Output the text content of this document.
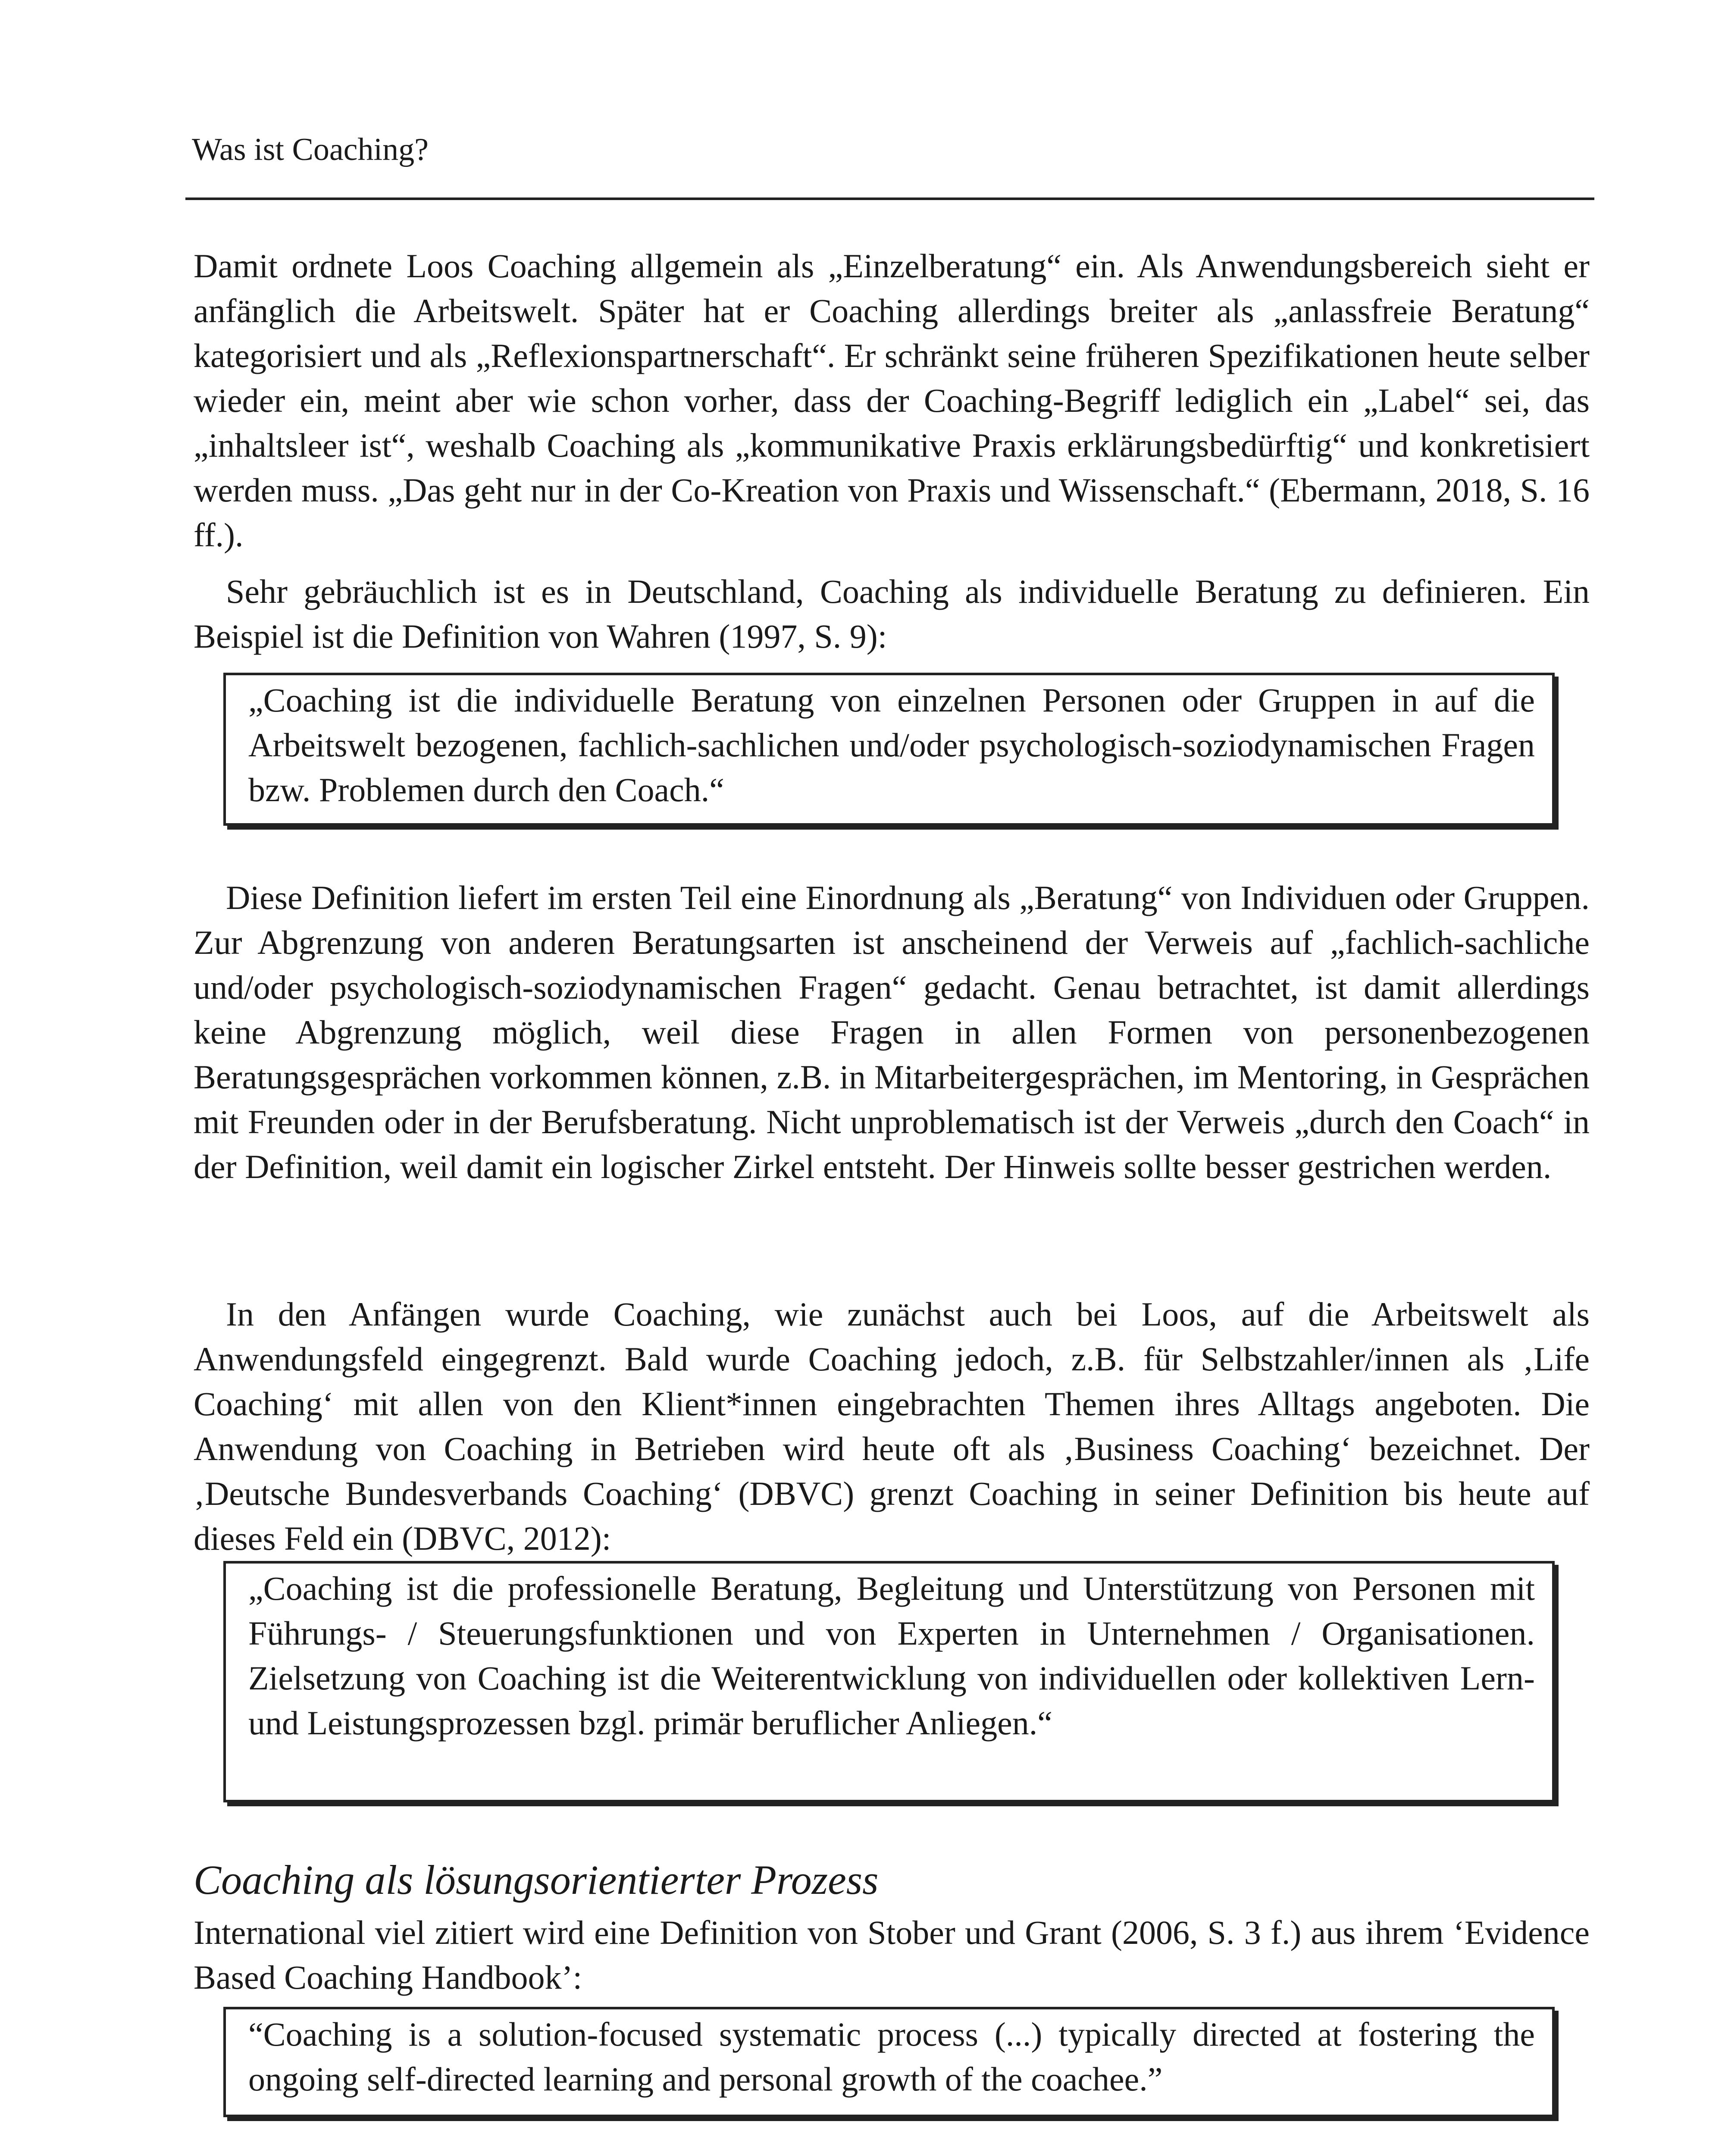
Was ist Coaching?

Damit ordnete Loos Coaching allgemein als „Einzelberatung“ ein. Als Anwendungsbereich sieht er anfänglich die Arbeitswelt. Später hat er Coaching allerdings breiter als „anlassfreie Beratung“ kategorisiert und als „Reflexionspartnerschaft“. Er schränkt seine früheren Spezifikationen heute selber wieder ein, meint aber wie schon vorher, dass der Coaching-Begriff lediglich ein „Label“ sei, das „inhaltsleer ist“, weshalb Coaching als „kommunikative Praxis erklärungsbedürftig“ und konkretisiert werden muss. „Das geht nur in der Co-Kreation von Praxis und Wissenschaft.“ (Ebermann, 2018, S. 16 ff.).

Sehr gebräuchlich ist es in Deutschland, Coaching als individuelle Beratung zu definieren. Ein Beispiel ist die Definition von Wahren (1997, S. 9):

„Coaching ist die individuelle Beratung von einzelnen Personen oder Gruppen in auf die Arbeitswelt bezogenen, fachlich-sachlichen und/oder psychologisch-soziodynamischen Fragen bzw. Problemen durch den Coach.“

Diese Definition liefert im ersten Teil eine Einordnung als „Beratung“ von Individuen oder Gruppen. Zur Abgrenzung von anderen Beratungsarten ist anscheinend der Verweis auf „fachlich-sachliche und/oder psychologisch-soziodynamischen Fragen“ gedacht. Genau betrachtet, ist damit allerdings keine Abgrenzung möglich, weil diese Fragen in allen Formen von personenbezogenen Beratungsgesprächen vorkommen können, z.B. in Mitarbeitergesprächen, im Mentoring, in Gesprächen mit Freunden oder in der Berufsberatung. Nicht unproblematisch ist der Verweis „durch den Coach“ in der Definition, weil damit ein logischer Zirkel entsteht. Der Hinweis sollte besser gestrichen werden.

In den Anfängen wurde Coaching, wie zunächst auch bei Loos, auf die Arbeitswelt als Anwendungsfeld eingegrenzt. Bald wurde Coaching jedoch, z.B. für Selbstzahler/innen als ‚Life Coaching‘ mit allen von den Klient*innen eingebrachten Themen ihres Alltags angeboten. Die Anwendung von Coaching in Betrieben wird heute oft als ‚Business Coaching‘ bezeichnet. Der ‚Deutsche Bundesverbands Coaching‘ (DBVC) grenzt Coaching in seiner Definition bis heute auf dieses Feld ein (DBVC, 2012):

„Coaching ist die professionelle Beratung, Begleitung und Unterstützung von Personen mit Führungs- / Steuerungsfunktionen und von Experten in Unternehmen / Organisationen. Zielsetzung von Coaching ist die Weiterentwicklung von individuellen oder kollektiven Lern- und Leistungsprozessen bzgl. primär beruflicher Anliegen.“

Coaching als lösungsorientierter Prozess

International viel zitiert wird eine Definition von Stober und Grant (2006, S. 3 f.) aus ihrem ‘Evidence Based Coaching Handbook’:

“Coaching is a solution-focused systematic process (...) typically directed at fostering the ongoing self-directed learning and personal growth of the coachee.”
